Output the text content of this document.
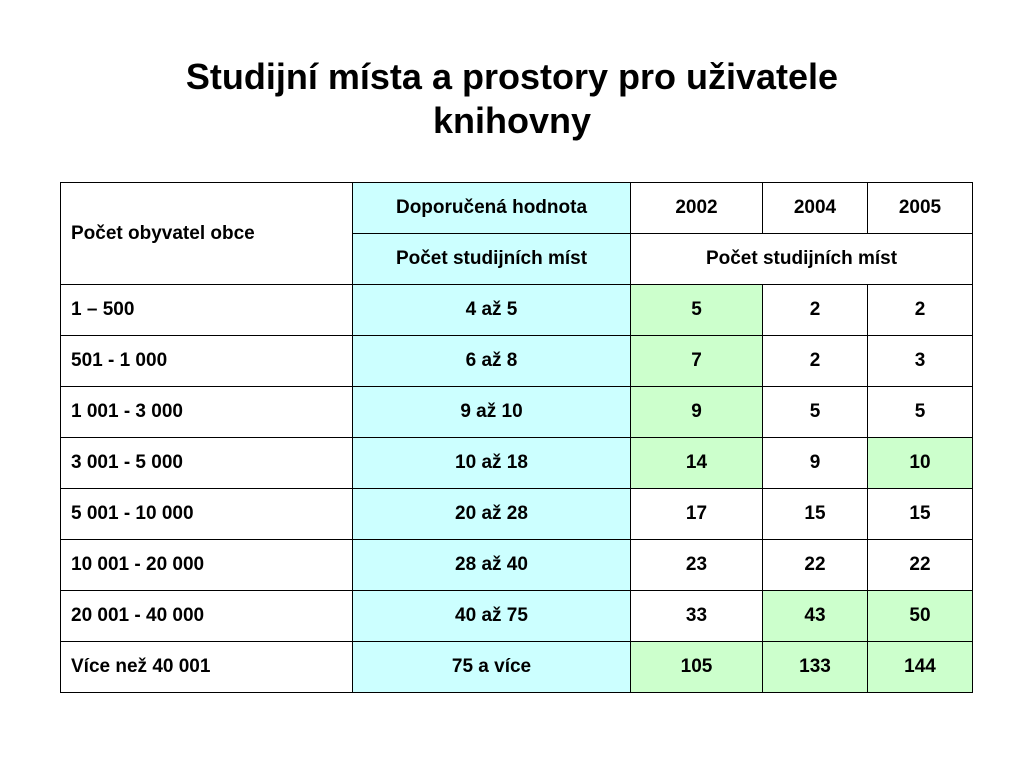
Studijní místa a prostory pro uživatele
knihovny
Počet obyvatel obce	Doporučená hodnota	2002	2004	2005
	Počet studijních míst	Počet studijních míst		
1 – 500	4 až 5	5	2	2
501 - 1 000	6 až 8	7	2	3
1 001 - 3 000	9 až 10	9	5	5
3 001 - 5 000	10 až 18	14	9	10
5 001 - 10 000	20 až 28	17	15	15
10 001 - 20 000	28 až 40	23	22	22
20 001 - 40 000	40 až 75	33	43	50
Více než 40 001	75 a více	105	133	144
